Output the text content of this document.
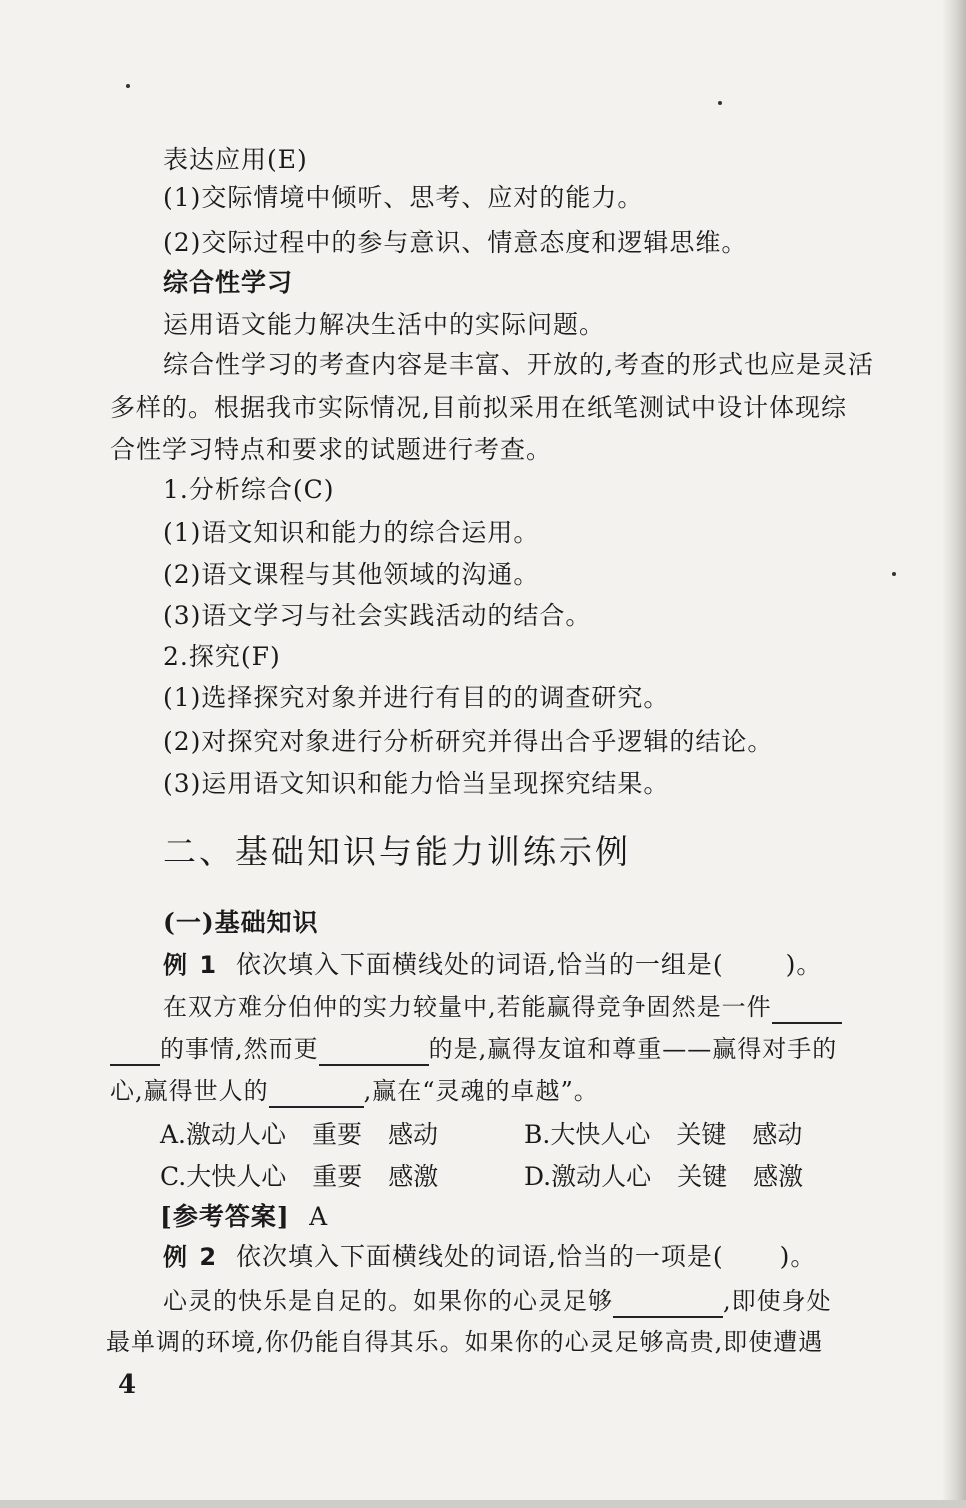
表达应用(E)
(1)交际情境中倾听、思考、应对的能力。
(2)交际过程中的参与意识、情意态度和逻辑思维。
综合性学习
运用语文能力解决生活中的实际问题。
综合性学习的考查内容是丰富、开放的,考查的形式也应是灵活
多样的。根据我市实际情况,目前拟采用在纸笔测试中设计体现综
合性学习特点和要求的试题进行考查。
1.分析综合(C)
(1)语文知识和能力的综合运用。
(2)语文课程与其他领域的沟通。
(3)语文学习与社会实践活动的结合。
2.探究(F)
(1)选择探究对象并进行有目的的调查研究。
(2)对探究对象进行分析研究并得出合乎逻辑的结论。
(3)运用语文知识和能力恰当呈现探究结果。
二、基础知识与能力训练示例
(一)基础知识
例 1 依次填入下面横线处的词语,恰当的一组是( )。
在双方难分伯仲的实力较量中,若能赢得竞争固然是一件
的事情,然而更	的是,赢得友谊和尊重——赢得对手的
心,赢得世人的	,赢在“灵魂的卓越”。
A.激动人心 重要 感动	B.大快人心 关键 感动
C.大快人心 重要 感激	D.激动人心 关键 感激
[参考答案] A
例 2 依次填入下面横线处的词语,恰当的一项是( )。
心灵的快乐是自足的。如果你的心灵足够	,即使身处
最单调的环境,你仍能自得其乐。如果你的心灵足够高贵,即使遭遇
4
